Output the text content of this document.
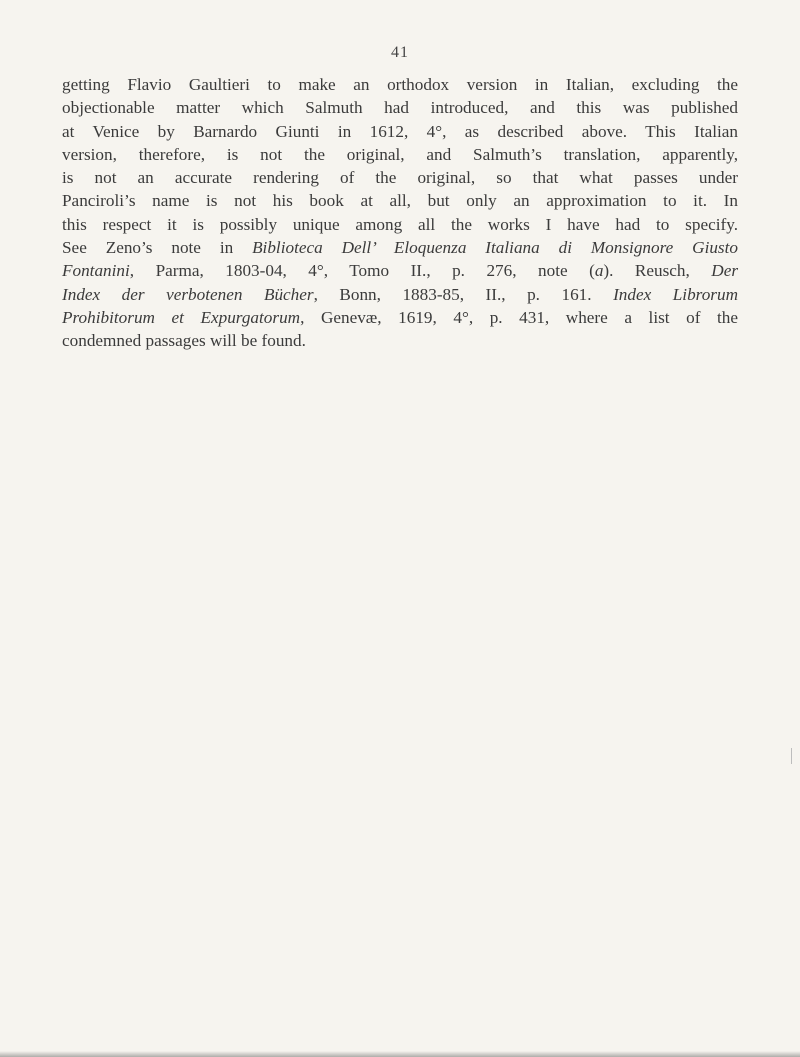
41
getting Flavio Gaultieri to make an orthodox version in Italian, excluding the
objectionable matter which Salmuth had introduced, and this was published
at Venice by Barnardo Giunti in 1612, 4°, as described above. This Italian
version, therefore, is not the original, and Salmuth’s translation, apparently,
is not an accurate rendering of the original, so that what passes under
Panciroli’s name is not his book at all, but only an approximation to it. In
this respect it is possibly unique among all the works I have had to specify.
See Zeno’s note in Biblioteca Dell’ Eloquenza Italiana di Monsignore Giusto
Fontanini, Parma, 1803-04, 4°, Tomo II., p. 276, note (a). Reusch, Der
Index der verbotenen Bücher, Bonn, 1883-85, II., p. 161. Index Librorum
Prohibitorum et Expurgatorum, Genevæ, 1619, 4°, p. 431, where a list of the
condemned passages will be found.
